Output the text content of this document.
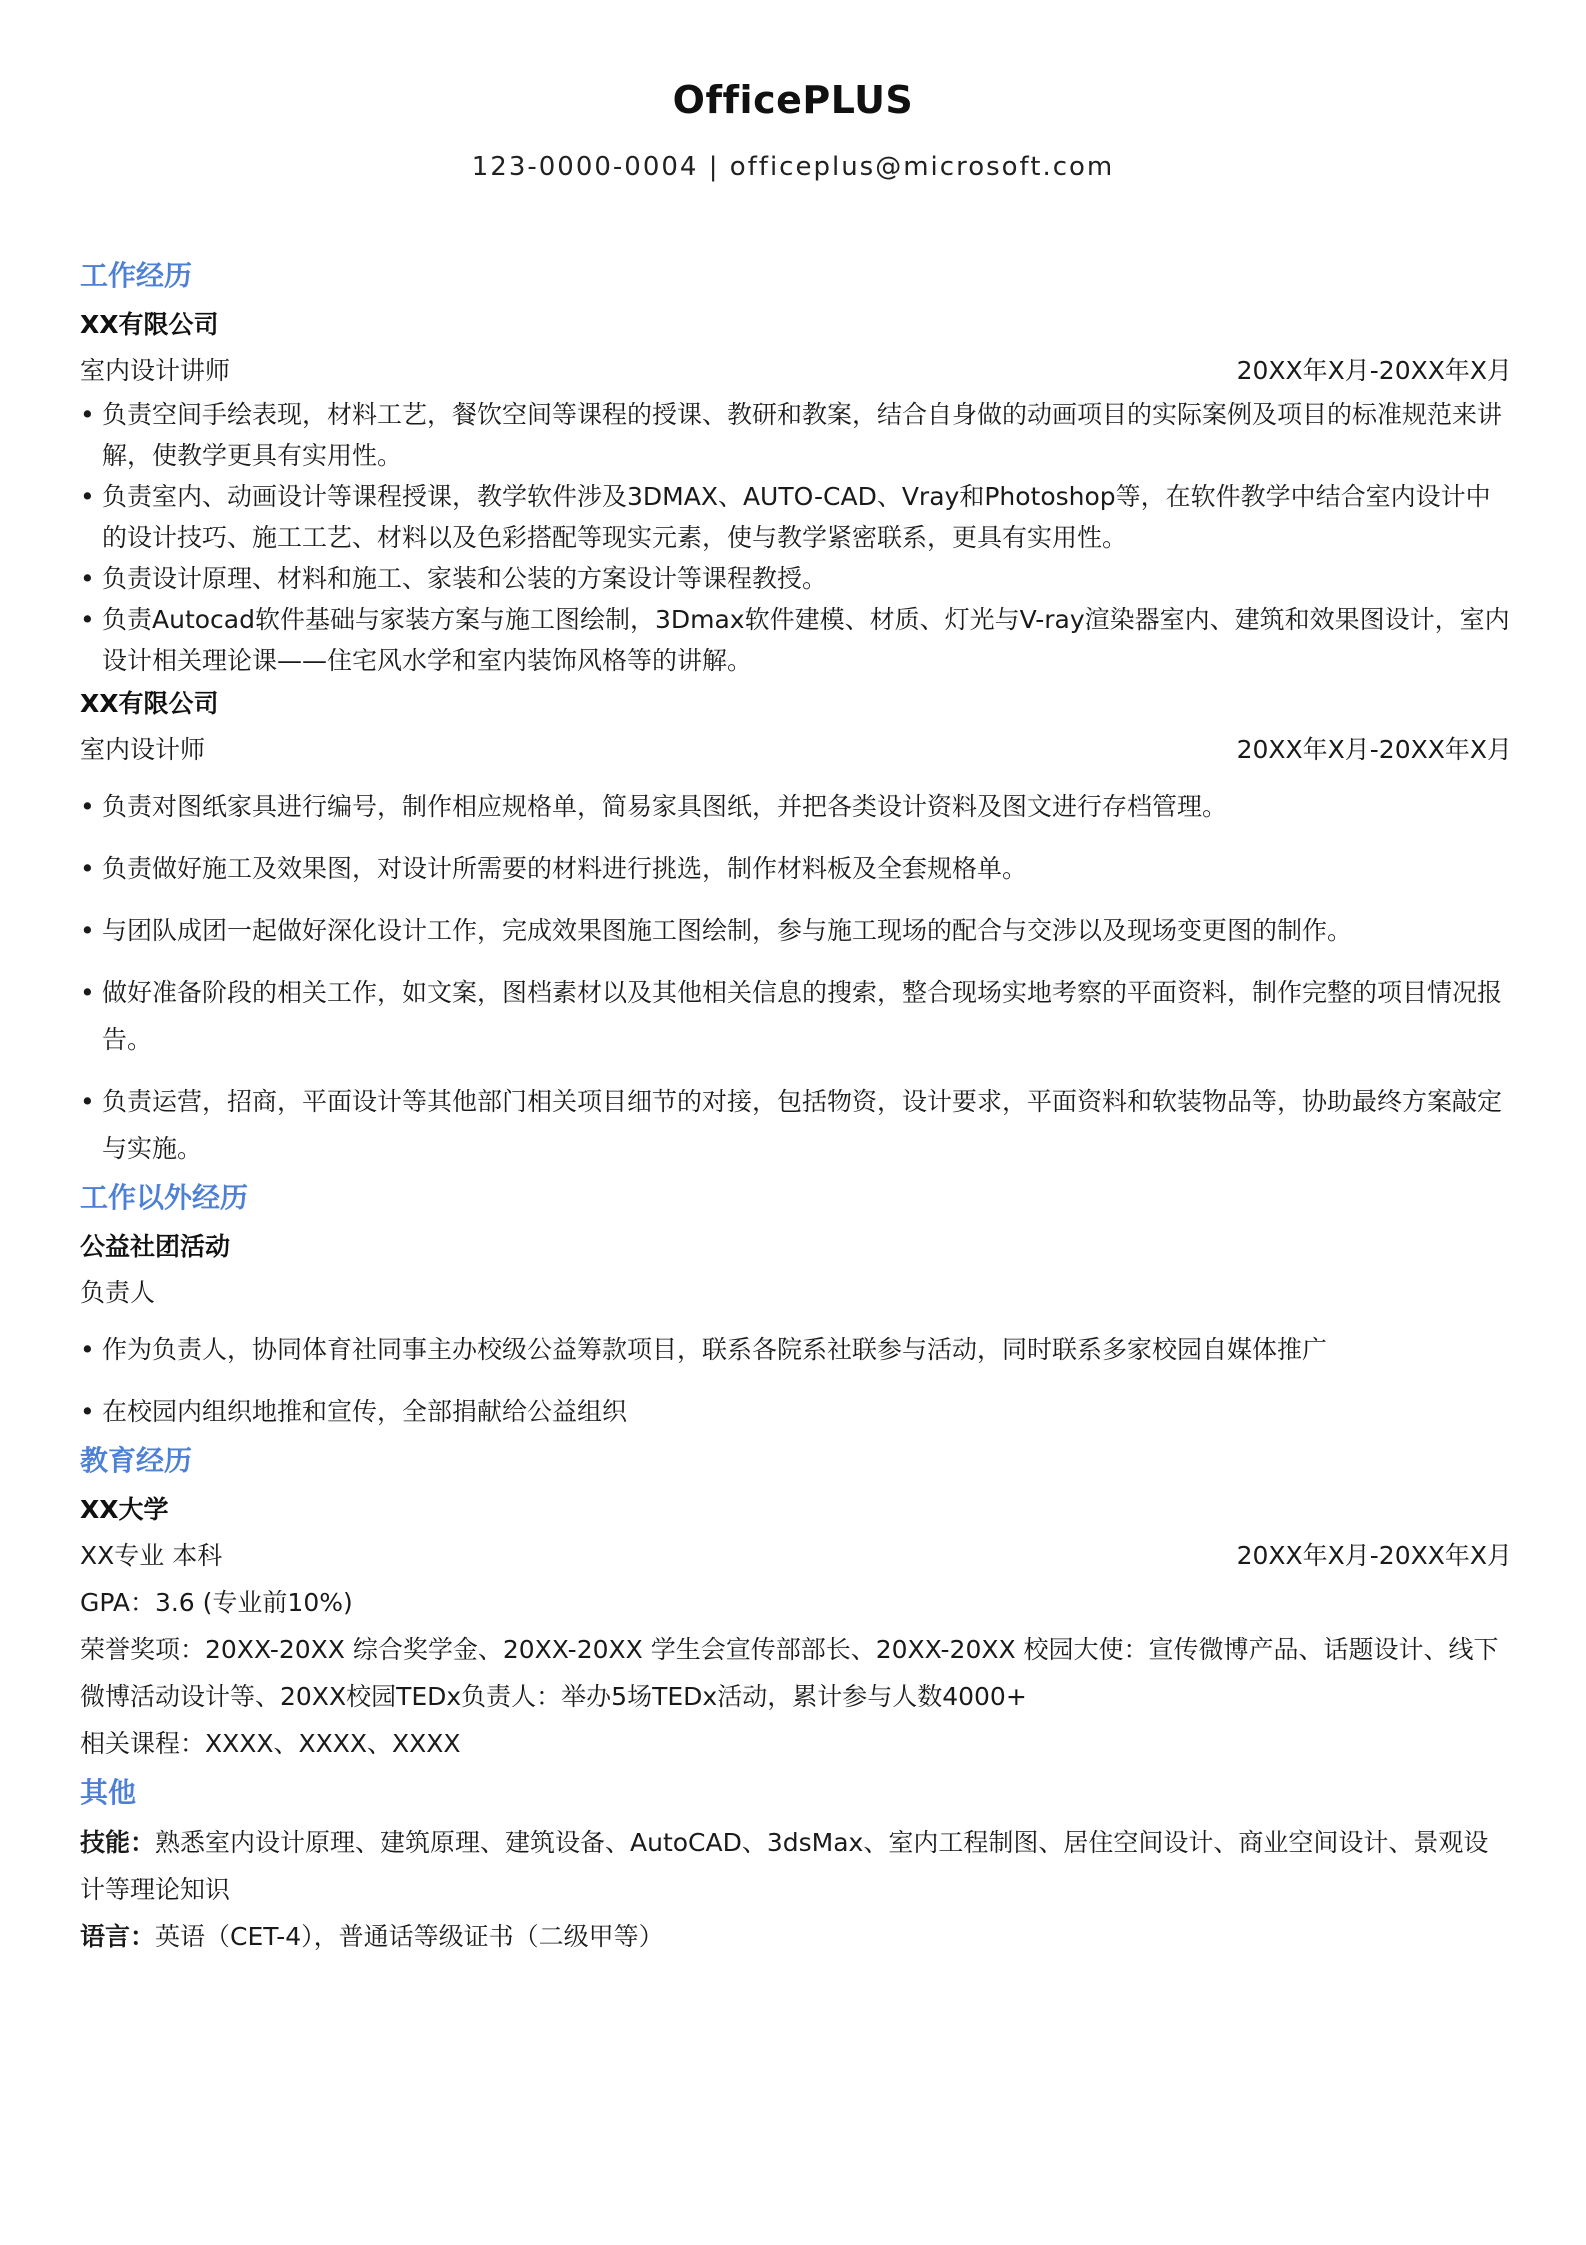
OfficePLUS
123-0000-0004 | officeplus@microsoft.com
工作经历
XX有限公司
室内设计讲师	20XX年X月-20XX年X月
• 负责空间手绘表现，材料工艺，餐饮空间等课程的授课、教研和教案，结合自身做的动画项目的实际案例及项目的标准规范来讲解，使教学更具有实用性。
• 负责室内、动画设计等课程授课，教学软件涉及3DMAX、AUTO-CAD、Vray和Photoshop等，在软件教学中结合室内设计中的设计技巧、施工工艺、材料以及色彩搭配等现实元素，使与教学紧密联系，更具有实用性。
• 负责设计原理、材料和施工、家装和公装的方案设计等课程教授。
• 负责Autocad软件基础与家装方案与施工图绘制，3Dmax软件建模、材质、灯光与V-ray渲染器室内、建筑和效果图设计，室内设计相关理论课——住宅风水学和室内装饰风格等的讲解。
XX有限公司
室内设计师	20XX年X月-20XX年X月
• 负责对图纸家具进行编号，制作相应规格单，简易家具图纸，并把各类设计资料及图文进行存档管理。
• 负责做好施工及效果图，对设计所需要的材料进行挑选，制作材料板及全套规格单。
• 与团队成团一起做好深化设计工作，完成效果图施工图绘制，参与施工现场的配合与交涉以及现场变更图的制作。
• 做好准备阶段的相关工作，如文案，图档素材以及其他相关信息的搜索，整合现场实地考察的平面资料，制作完整的项目情况报告。
• 负责运营，招商，平面设计等其他部门相关项目细节的对接，包括物资，设计要求，平面资料和软装物品等，协助最终方案敲定与实施。
工作以外经历
公益社团活动
负责人
• 作为负责人，协同体育社同事主办校级公益筹款项目，联系各院系社联参与活动，同时联系多家校园自媒体推广
• 在校园内组织地推和宣传，全部捐献给公益组织
教育经历
XX大学
XX专业 本科	20XX年X月-20XX年X月
GPA：3.6 (专业前10%)
荣誉奖项：20XX-20XX 综合奖学金、20XX-20XX 学生会宣传部部长、20XX-20XX 校园大使：宣传微博产品、话题设计、线下微博活动设计等、20XX校园TEDx负责人：举办5场TEDx活动，累计参与人数4000+
相关课程：XXXX、XXXX、XXXX
其他
技能：熟悉室内设计原理、建筑原理、建筑设备、AutoCAD、3dsMax、室内工程制图、居住空间设计、商业空间设计、景观设计等理论知识
语言：英语（CET-4），普通话等级证书（二级甲等）
